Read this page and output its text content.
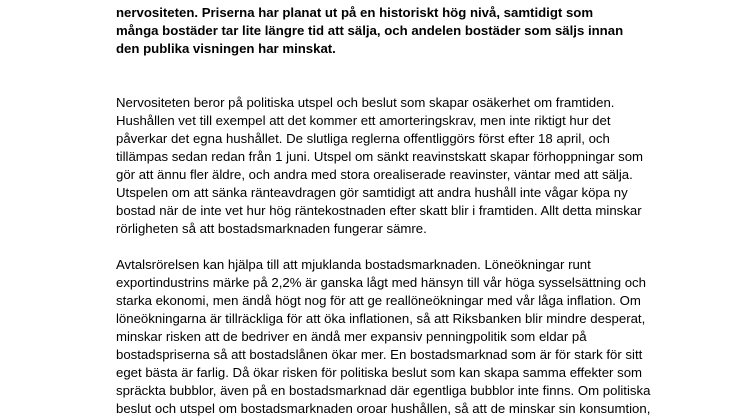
nervositeten. Priserna har planat ut på en historiskt hög nivå, samtidigt som
många bostäder tar lite längre tid att sälja, och andelen bostäder som säljs innan
den publika visningen har minskat.
Nervositeten beror på politiska utspel och beslut som skapar osäkerhet om framtiden.
Hushållen vet till exempel att det kommer ett amorteringskrav, men inte riktigt hur det
påverkar det egna hushållet. De slutliga reglerna offentliggörs först efter 18 april, och
tillämpas sedan redan från 1 juni. Utspel om sänkt reavinstskatt skapar förhoppningar som
gör att ännu fler äldre, och andra med stora orealiserade reavinster, väntar med att sälja.
Utspelen om att sänka ränteavdragen gör samtidigt att andra hushåll inte vågar köpa ny
bostad när de inte vet hur hög räntekostnaden efter skatt blir i framtiden. Allt detta minskar
rörligheten så att bostadsmarknaden fungerar sämre.
Avtalsrörelsen kan hjälpa till att mjuklanda bostadsmarknaden. Löneökningar runt
exportindustrins märke på 2,2% är ganska lågt med hänsyn till vår höga sysselsättning och
starka ekonomi, men ändå högt nog för att ge reallöneökningar med vår låga inflation. Om
löneökningarna är tillräckliga för att öka inflationen, så att Riksbanken blir mindre desperat,
minskar risken att de bedriver en ändå mer expansiv penningpolitik som eldar på
bostadspriserna så att bostadslånen ökar mer. En bostadsmarknad som är för stark för sitt
eget bästa är farlig. Då ökar risken för politiska beslut som kan skapa samma effekter som
spräckta bubblor, även på en bostadsmarknad där egentliga bubblor inte finns. Om politiska
beslut och utspel om bostadsmarknaden oroar hushållen, så att de minskar sin konsumtion,
